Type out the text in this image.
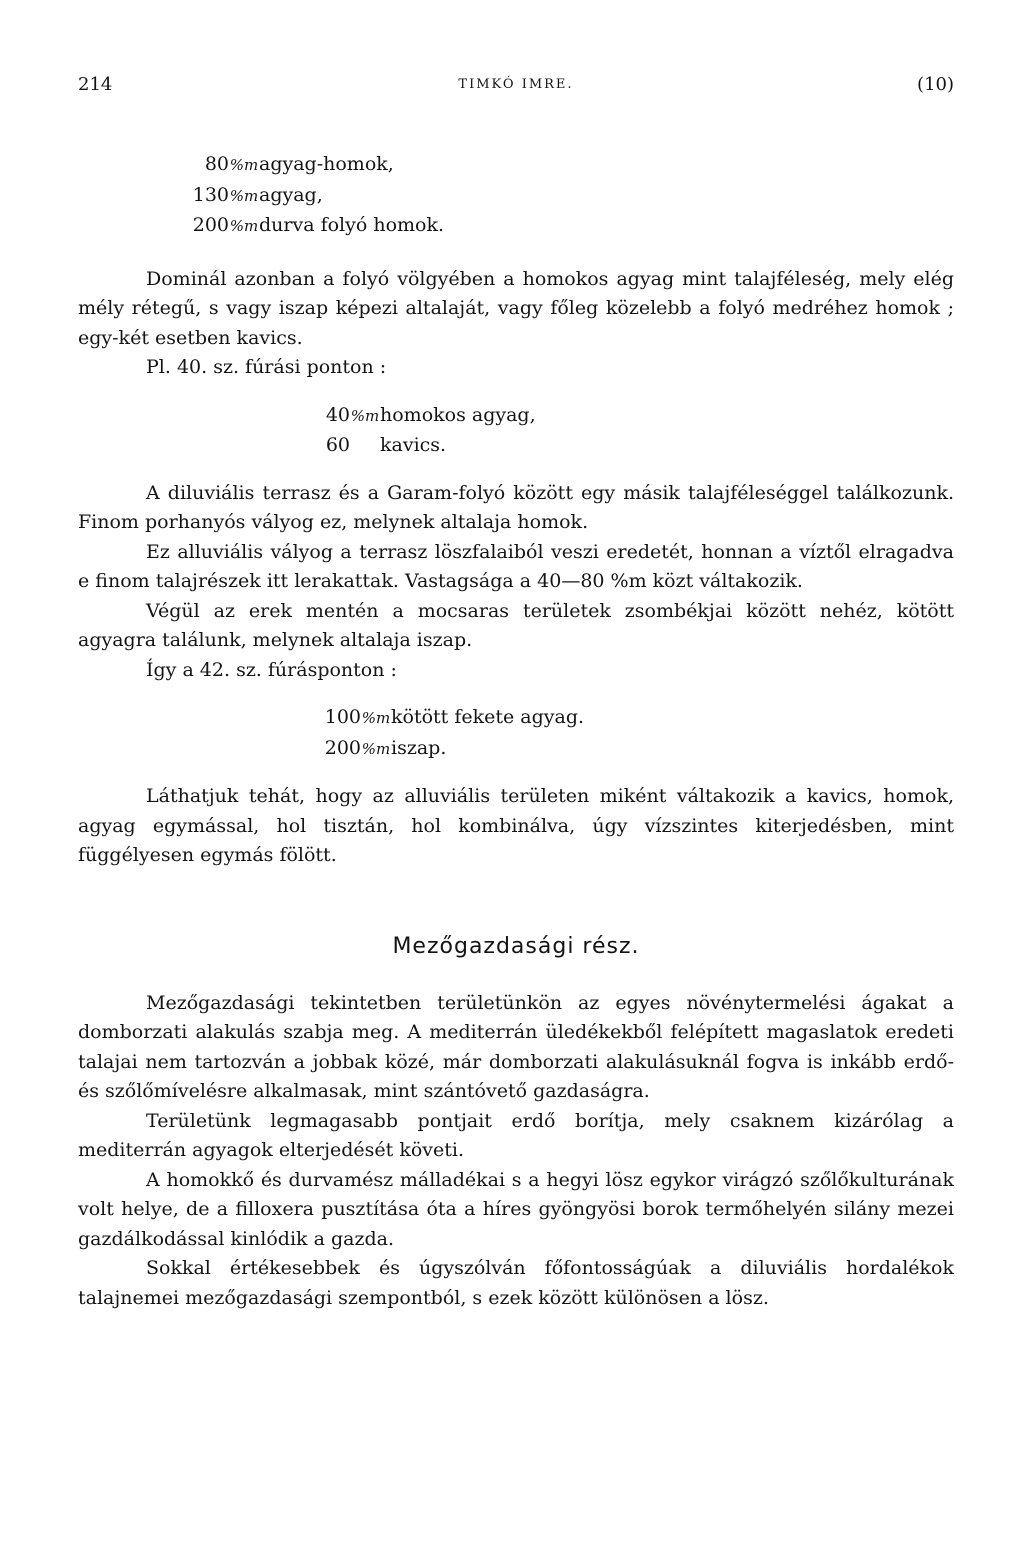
214	TIMKÓ IMRE.	(10)
80%magyag-homok,
130%magyag,
200%mdurva folyó homok.

Dominál azonban a folyó völgyében a homokos agyag mint talajféleség, mely elég mély rétegű, s vagy iszap képezi altalaját, vagy főleg közelebb a folyó medréhez homok ; egy-két esetben kavics.

Pl. 40. sz. fúrási ponton :

40%mhomokos agyag,
60 kavics.

A diluviális terrasz és a Garam-folyó között egy másik talajféleséggel találkozunk. Finom porhanyós vályog ez, melynek altalaja homok.

Ez alluviális vályog a terrasz löszfalaiból veszi eredetét, honnan a víztől elragadva e finom talajrészek itt lerakattak. Vastagsága a 40—80 %m közt váltakozik.

Végül az erek mentén a mocsaras területek zsombékjai között nehéz, kötött agyagra találunk, melynek altalaja iszap.

Így a 42. sz. fúrásponton :

100%mkötött fekete agyag.
200%miszap.

Láthatjuk tehát, hogy az alluviális területen miként váltakozik a kavics, homok, agyag egymással, hol tisztán, hol kombinálva, úgy vízszintes kiterjedésben, mint függélyesen egymás fölött.

Mezőgazdasági rész.

Mezőgazdasági tekintetben területünkön az egyes növénytermelési ágakat a domborzati alakulás szabja meg. A mediterrán üledékekből felépített magaslatok eredeti talajai nem tartozván a jobbak közé, már domborzati alakulásuknál fogva is inkább erdő- és szőlőmívelésre alkalmasak, mint szántóvető gazdaságra.

Területünk legmagasabb pontjait erdő borítja, mely csaknem kizárólag a mediterrán agyagok elterjedését követi.

A homokkő és durvamész málladékai s a hegyi lösz egykor virágzó szőlőkulturának volt helye, de a filloxera pusztítása óta a híres gyöngyösi borok termőhelyén silány mezei gazdálkodással kinlódik a gazda.

Sokkal értékesebbek és úgyszólván főfontosságúak a diluviális hordalékok talajnemei mezőgazdasági szempontból, s ezek között különösen a lösz.
